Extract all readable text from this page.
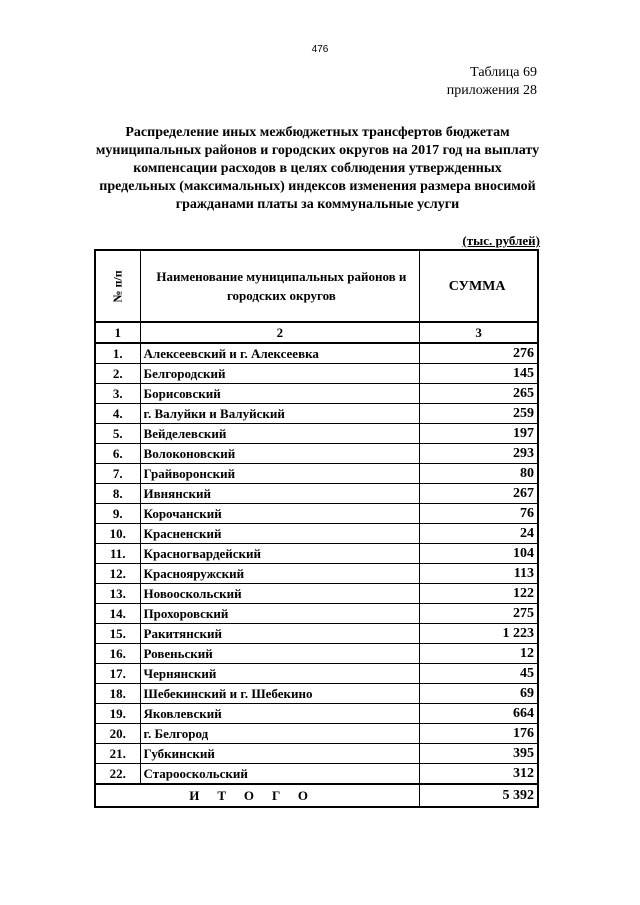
476
Таблица 69
приложения 28
Распределение иных межбюджетных трансфертов бюджетам муниципальных районов и городских округов на 2017 год на выплату компенсации расходов в целях соблюдения утвержденных предельных (максимальных) индексов изменения размера вносимой гражданами платы за коммунальные услуги
(тыс. рублей)
№ п/п	Наименование муниципальных районов и городских округов	СУММА
1	2	3
1.	Алексеевский и г. Алексеевка	276
2.	Белгородский	145
3.	Борисовский	265
4.	г. Валуйки и Валуйский	259
5.	Вейделевский	197
6.	Волоконовский	293
7.	Грайворонский	80
8.	Ивнянский	267
9.	Корочанский	76
10.	Красненский	24
11.	Красногвардейский	104
12.	Краснояружский	113
13.	Новооскольский	122
14.	Прохоровский	275
15.	Ракитянский	1 223
16.	Ровеньский	12
17.	Чернянский	45
18.	Шебекинский и г. Шебекино	69
19.	Яковлевский	664
20.	г. Белгород	176
21.	Губкинский	395
22.	Старооскольский	312
ИТОГО		5 392
